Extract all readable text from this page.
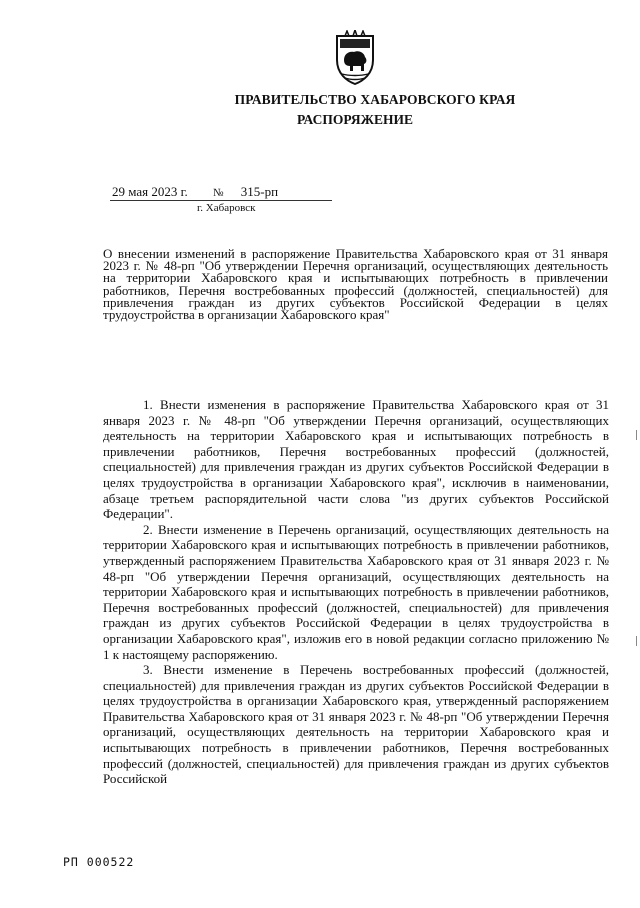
ПРАВИТЕЛЬСТВО ХАБАРОВСКОГО КРАЯ
РАСПОРЯЖЕНИЕ
29 мая 2023 г. № 315-рп
г. Хабаровск
О внесении изменений в распоряжение Правительства Хабаровского края от 31 января 2023 г. № 48-рп "Об утверждении Перечня организаций, осуществляющих деятельность на территории Хабаровского края и испытывающих потребность в привлечении работников, Перечня востребованных профессий (должностей, специальностей) для привлечения граждан из других субъектов Российской Федерации в целях трудоустройства в организации Хабаровского края"

1. Внести изменения в распоряжение Правительства Хабаровского края от 31 января 2023 г. № 48-рп "Об утверждении Перечня организаций, осуществляющих деятельность на территории Хабаровского края и испытывающих потребность в привлечении работников, Перечня востребованных профессий (должностей, специальностей) для привлечения граждан из других субъектов Российской Федерации в целях трудоустройства в организации Хабаровского края", исключив в наименовании, абзаце третьем распорядительной части слова "из других субъектов Российской Федерации".

2. Внести изменение в Перечень организаций, осуществляющих деятельность на территории Хабаровского края и испытывающих потребность в привлечении работников, утвержденный распоряжением Правительства Хабаровского края от 31 января 2023 г. № 48-рп "Об утверждении Перечня организаций, осуществляющих деятельность на территории Хабаровского края и испытывающих потребность в привлечении работников, Перечня востребованных профессий (должностей, специальностей) для привлечения граждан из других субъектов Российской Федерации в целях трудоустройства в организации Хабаровского края", изложив его в новой редакции согласно приложению № 1 к настоящему распоряжению.

3. Внести изменение в Перечень востребованных профессий (должностей, специальностей) для привлечения граждан из других субъектов Российской Федерации в целях трудоустройства в организации Хабаровского края, утвержденный распоряжением Правительства Хабаровского края от 31 января 2023 г. № 48-рп "Об утверждении Перечня организаций, осуществляющих деятельность на территории Хабаровского края и испытывающих потребность в привлечении работников, Перечня востребованных профессий (должностей, специальностей) для привлечения граждан из других субъектов Российской

РП 000522
